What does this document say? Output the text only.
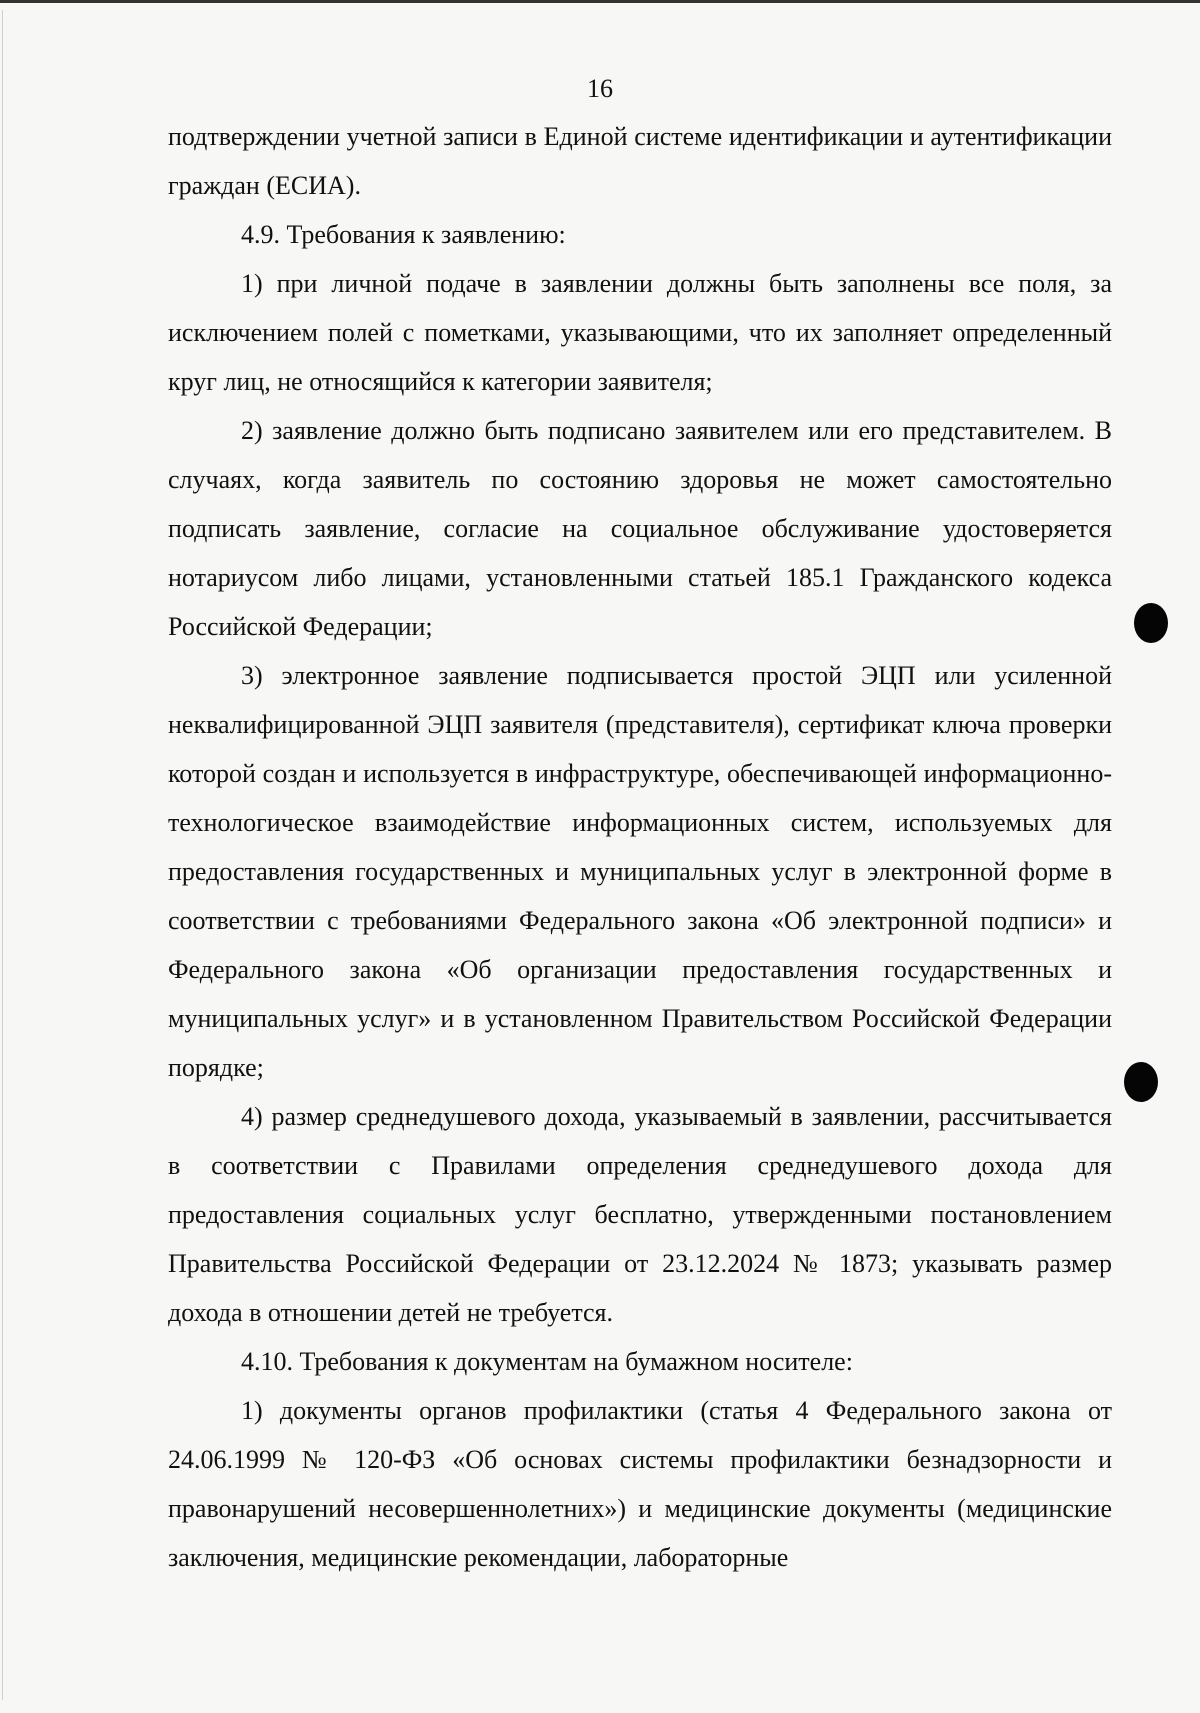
16

подтверждении учетной записи в Единой системе идентификации и аутентификации граждан (ЕСИА).

4.9. Требования к заявлению:

1) при личной подаче в заявлении должны быть заполнены все поля, за исключением полей с пометками, указывающими, что их заполняет определенный круг лиц, не относящийся к категории заявителя;

2) заявление должно быть подписано заявителем или его представителем. В случаях, когда заявитель по состоянию здоровья не может самостоятельно подписать заявление, согласие на социальное обслуживание удостоверяется нотариусом либо лицами, установленными статьей 185.1 Гражданского кодекса Российской Федерации;

3) электронное заявление подписывается простой ЭЦП или усиленной неквалифицированной ЭЦП заявителя (представителя), сертификат ключа проверки которой создан и используется в инфраструктуре, обеспечивающей информационно-технологическое взаимодействие информационных систем, используемых для предоставления государственных и муниципальных услуг в электронной форме в соответствии с требованиями Федерального закона «Об электронной подписи» и Федерального закона «Об организации предоставления государственных и муниципальных услуг» и в установленном Правительством Российской Федерации порядке;

4) размер среднедушевого дохода, указываемый в заявлении, рассчитывается в соответствии с Правилами определения среднедушевого дохода для предоставления социальных услуг бесплатно, утвержденными постановлением Правительства Российской Федерации от 23.12.2024 № 1873; указывать размер дохода в отношении детей не требуется.

4.10. Требования к документам на бумажном носителе:

1) документы органов профилактики (статья 4 Федерального закона от 24.06.1999 № 120-ФЗ «Об основах системы профилактики безнадзорности и правонарушений несовершеннолетних») и медицинские документы (медицинские заключения, медицинские рекомендации, лабораторные
